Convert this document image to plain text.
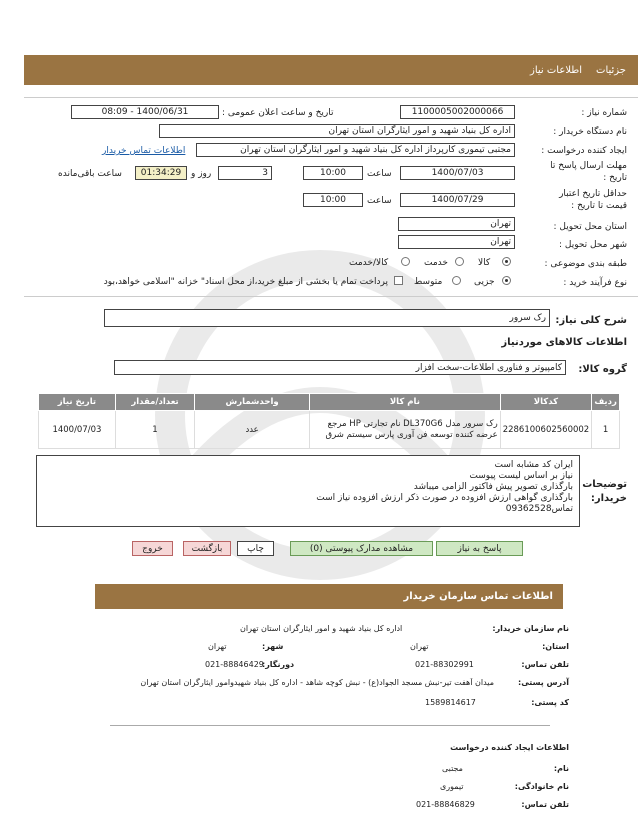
جزئیات
اطلاعات نیاز
شماره نیاز :
1100005002000066
تاریخ و ساعت اعلان عمومی :
1400/06/31 - 08:09
نام دستگاه خریدار :
اداره کل بنیاد شهید و امور ایثارگران استان تهران
ایجاد کننده درخواست :
مجتبی تیموری کارپرداز اداره کل بنیاد شهید و امور ایثارگران استان تهران
اطلاعات تماس خریدار
مهلت ارسال پاسخ تا تاریخ :
1400/07/03
ساعت
10:00
3
روز و
01:34:29
ساعت باقی‌مانده
حداقل تاریخ اعتبار قیمت تا تاریخ :
1400/07/29
ساعت
10:00
استان محل تحویل :
تهران
شهر محل تحویل :
تهران
طبقه بندی موضوعی :
کالا
خدمت
کالا/خدمت
نوع فرآیند خرید :
جزیی
متوسط
پرداخت تمام یا بخشی از مبلغ خرید،از محل اسناد" خزانه "اسلامی خواهد،بود
شرح کلی نیاز:
رک سرور
اطلاعات کالاهای موردنیاز
گروه کالا:
کامپیوتر و فناوری اطلاعات-سخت افزار
ردیف	کدکالا	نام کالا	واحدشمارش	تعداد/مقدار	تاریخ نیاز
1	2286100602560002	رک سرور مدل DL370G6 نام تجارتی HP مرجع عرضه کننده توسعه فن آوری پارس سیستم شرق	عدد	1	1400/07/03
توضیحات خریدار:
ایران کد مشابه است
نیاز بر اساس لیست پیوست
بارگذاری تصویر پیش فاکتور الزامی میباشد
بارگذاری گواهی ارزش افزوده در صورت ذکر ارزش افزوده نیاز است
تماس09362528
پاسخ به نیاز
مشاهده مدارک پیوستی (0)
چاپ
بازگشت
خروج
اطلاعات تماس سازمان خریدار
نام سازمان خریدار:
اداره کل بنیاد شهید و امور ایثارگران استان تهران
استان:
تهران
شهر:
تهران
تلفن تماس:
021-88302991
دورنگار:
021-88846429
آدرس پستی:
میدان آهفت تیر-نبش مسجد الجواد(ع) - نبش کوچه شاهد - اداره کل بنیاد شهیدوامور ایثارگران استان تهران
کد پستی:
1589814617
اطلاعات ایجاد کننده درخواست
نام:
مجتبی
نام خانوادگی:
تیموری
تلفن تماس:
021-88846829
